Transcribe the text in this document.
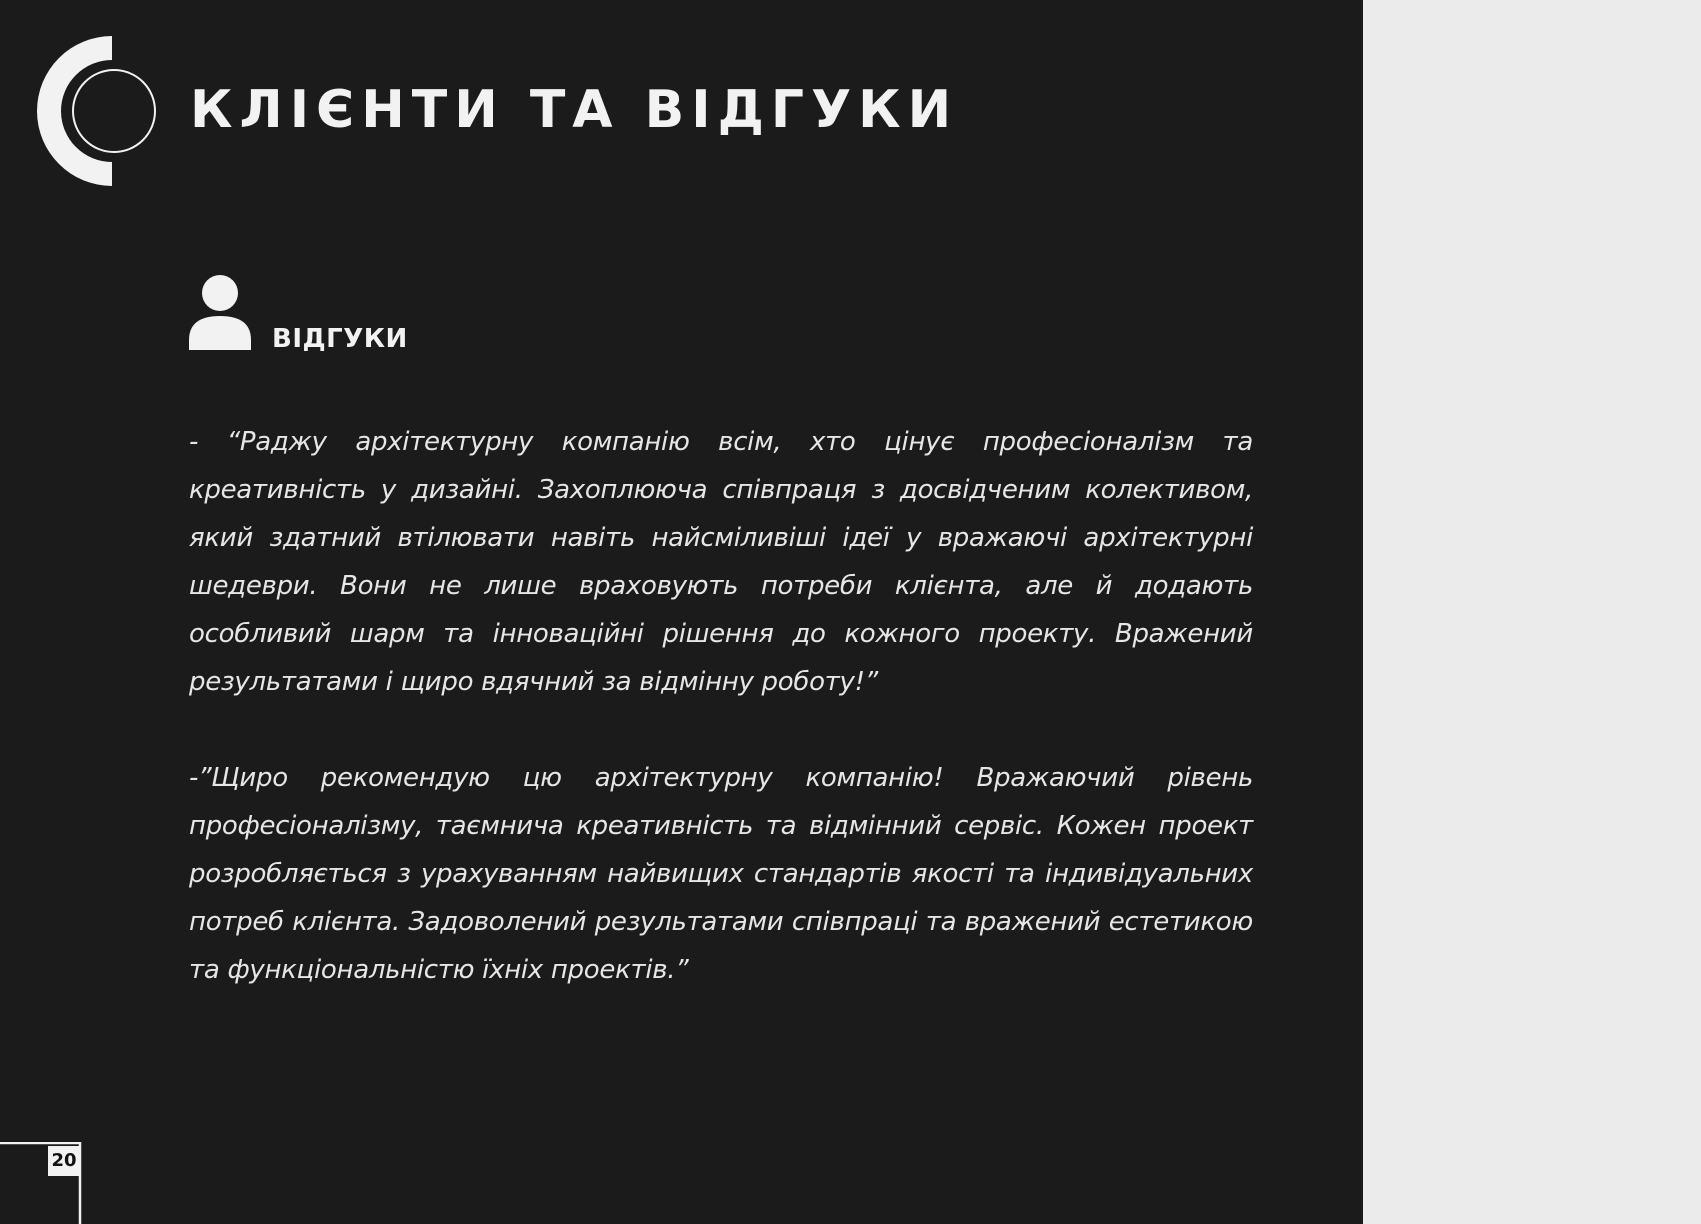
КЛІЄНТИ ТА ВІДГУКИ
ВІДГУКИ

- “Раджу архітектурну компанію всім, хто цінує професіоналізм та креативність у дизайні. Захоплююча співпраця з досвідченим колективом, який здатний втілювати навіть найсміливіші ідеї у вражаючі архітектурні шедеври. Вони не лише враховують потреби клієнта, але й додають особливий шарм та інноваційні рішення до кожного проекту. Вражений результатами і щиро вдячний за відмінну роботу!”

-”Щиро рекомендую цю архітектурну компанію! Вражаючий рівень професіоналізму, таємнича креативність та відмінний сервіс. Кожен проект розробляється з урахуванням найвищих стандартів якості та індивідуальних потреб клієнта. Задоволений результатами співпраці та вражений естетикою та функціональністю їхніх проектів.”

20
